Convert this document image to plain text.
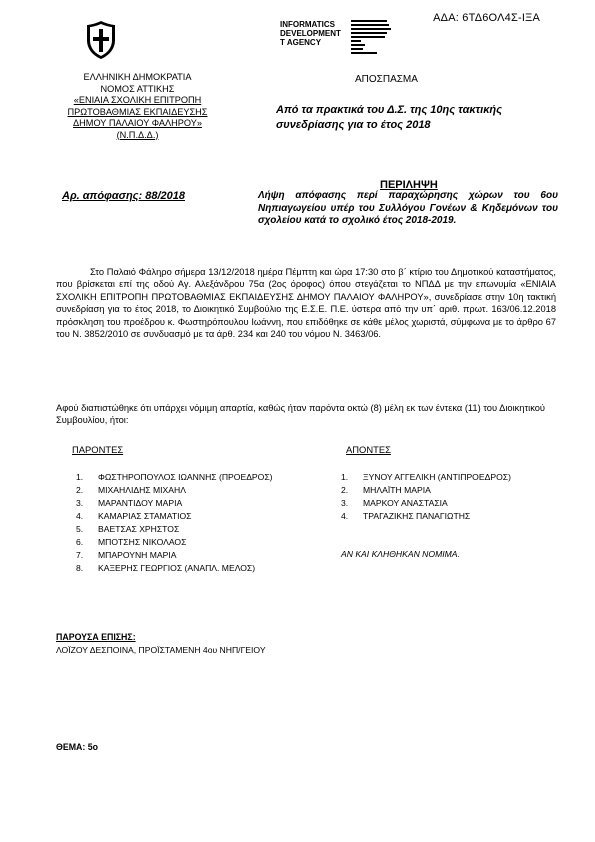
ΑΔΑ: 6ΤΔ6ΟΛ4Σ-ΙΞΑ
INFORMATICS
DEVELOPMENT
T AGENCY
ΕΛΛΗΝΙΚΗ ΔΗΜΟΚΡΑΤΙΑ
ΝΟΜΟΣ ΑΤΤΙΚΗΣ
«ΕΝΙΑΙΑ ΣΧΟΛΙΚΗ ΕΠΙΤΡΟΠΗ
ΠΡΩΤΟΒΑΘΜΙΑΣ ΕΚΠΑΙΔΕΥΣΗΣ
ΔΗΜΟΥ ΠΑΛΑΙΟΥ ΦΑΛΗΡΟΥ»
(Ν.Π.Δ.Δ.)
ΑΠΟΣΠΑΣΜΑ
Από τα πρακτικά του Δ.Σ. της 10ης τακτικής
συνεδρίασης για το έτος 2018
ΠΕΡΙΛΗΨΗ
Αρ. απόφασης: 88/2018	Λήψη απόφασης περί παραχώρησης χώρων του 6ου Νηπιαγωγείου υπέρ του Συλλόγου Γονέων & Κηδεμόνων του σχολείου κατά το σχολικό έτος 2018-2019.

Στο Παλαιό Φάληρο σήμερα 13/12/2018 ημέρα Πέμπτη και ώρα 17:30 στο β΄ κτίριο του Δημοτικού καταστήματος, που βρίσκεται επί της οδού Αγ. Αλεξάνδρου 75α (2ος όροφος) όπου στεγάζεται το ΝΠΔΔ με την επωνυμία «ΕΝΙΑΙΑ ΣΧΟΛΙΚΗ ΕΠΙΤΡΟΠΗ ΠΡΩΤΟΒΑΘΜΙΑΣ ΕΚΠΑΙΔΕΥΣΗΣ ΔΗΜΟΥ ΠΑΛΑΙΟΥ ΦΑΛΗΡΟΥ», συνεδρίασε στην 10η τακτική συνεδρίαση για το έτος 2018, το Διοικητικό Συμβούλιο της Ε.Σ.Ε. Π.Ε. ύστερα από την υπ΄ αριθ. πρωτ. 163/06.12.2018 πρόσκληση του προέδρου κ. Φωστηρόπουλου Ιωάννη, που επιδόθηκε σε κάθε μέλος χωριστά, σύμφωνα με το άρθρο 67 του Ν. 3852/2010 σε συνδυασμό με τα άρθ. 234 και 240 του νόμου Ν. 3463/06.

Αφού διαπιστώθηκε ότι υπάρχει νόμιμη απαρτία, καθώς ήταν παρόντα οκτώ (8) μέλη εκ των έντεκα (11) του Διοικητικού Συμβουλίου, ήτοι:
ΠΑΡΟΝΤΕΣ	ΑΠΟΝΤΕΣ
1. ΦΩΣΤΗΡΟΠΟΥΛΟΣ ΙΩΑΝΝΗΣ (ΠΡΟΕΔΡΟΣ)
2. ΜΙΧΑΗΛΙΔΗΣ ΜΙΧΑΗΛ
3. ΜΑΡΑΝΤΙΔΟΥ ΜΑΡΙΑ
4. ΚΑΜΑΡΙΑΣ ΣΤΑΜΑΤΙΟΣ
5. ΒΑΕΤΣΑΣ ΧΡΗΣΤΟΣ
6. ΜΠΟΤΣΗΣ ΝΙΚΟΛΑΟΣ
7. ΜΠΑΡΟΥΝΗ ΜΑΡΙΑ
8. ΚΑΞΕΡΗΣ ΓΕΩΡΓΙΟΣ (ΑΝΑΠΛ. ΜΕΛΟΣ)
1. ΞΥΝΟΥ ΑΓΓΕΛΙΚΗ (ΑΝΤΙΠΡΟΕΔΡΟΣ)
2. ΜΗΛΑΪΤΗ ΜΑΡΙΑ
3. ΜΑΡΚΟΥ ΑΝΑΣΤΑΣΙΑ
4. ΤΡΑΓΑΖΙΚΗΣ ΠΑΝΑΓΙΩΤΗΣ
ΑΝ ΚΑΙ ΚΛΗΘΗΚΑΝ ΝΟΜΙΜΑ.
ΠΑΡΟΥΣΑ ΕΠΙΣΗΣ:
ΛΟΪΖΟΥ ΔΕΣΠΟΙΝΑ, ΠΡΟΪΣΤΑΜΕΝΗ 4ου ΝΗΠ/ΓΕΙΟΥ
ΘΕΜΑ: 5ο
